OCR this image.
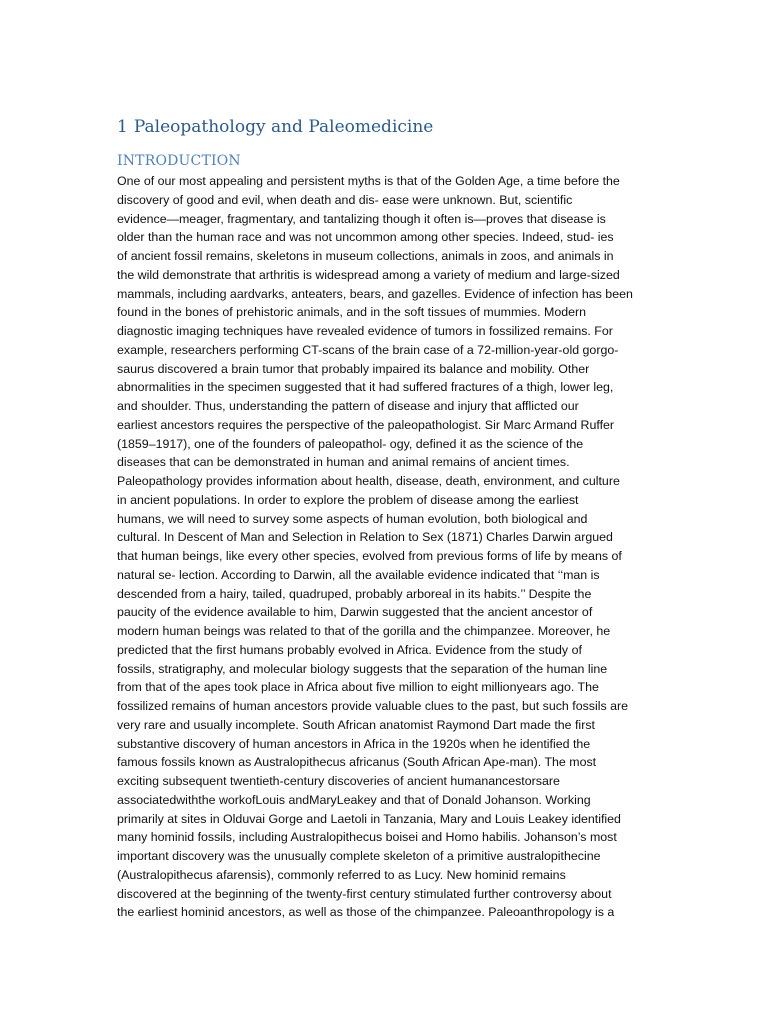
1 Paleopathology and Paleomedicine
INTRODUCTION
One of our most appealing and persistent myths is that of the Golden Age, a time before the
discovery of good and evil, when death and dis- ease were unknown. But, scientific
evidence—meager, fragmentary, and tantalizing though it often is—proves that disease is
older than the human race and was not uncommon among other species. Indeed, stud- ies
of ancient fossil remains, skeletons in museum collections, animals in zoos, and animals in
the wild demonstrate that arthritis is widespread among a variety of medium and large-sized
mammals, including aardvarks, anteaters, bears, and gazelles. Evidence of infection has been
found in the bones of prehistoric animals, and in the soft tissues of mummies. Modern
diagnostic imaging techniques have revealed evidence of tumors in fossilized remains. For
example, researchers performing CT-scans of the brain case of a 72-million-year-old gorgo-
saurus discovered a brain tumor that probably impaired its balance and mobility. Other
abnormalities in the specimen suggested that it had suffered fractures of a thigh, lower leg,
and shoulder. Thus, understanding the pattern of disease and injury that afflicted our
earliest ancestors requires the perspective of the paleopathologist. Sir Marc Armand Ruffer
(1859–1917), one of the founders of paleopathol- ogy, defined it as the science of the
diseases that can be demonstrated in human and animal remains of ancient times.
Paleopathology provides information about health, disease, death, environment, and culture
in ancient populations. In order to explore the problem of disease among the earliest
humans, we will need to survey some aspects of human evolution, both biological and
cultural. In Descent of Man and Selection in Relation to Sex (1871) Charles Darwin argued
that human beings, like every other species, evolved from previous forms of life by means of
natural se- lection. According to Darwin, all the available evidence indicated that ‘‘man is
descended from a hairy, tailed, quadruped, probably arboreal in its habits.’’ Despite the
paucity of the evidence available to him, Darwin suggested that the ancient ancestor of
modern human beings was related to that of the gorilla and the chimpanzee. Moreover, he
predicted that the first humans probably evolved in Africa. Evidence from the study of
fossils, stratigraphy, and molecular biology suggests that the separation of the human line
from that of the apes took place in Africa about five million to eight millionyears ago. The
fossilized remains of human ancestors provide valuable clues to the past, but such fossils are
very rare and usually incomplete. South African anatomist Raymond Dart made the first
substantive discovery of human ancestors in Africa in the 1920s when he identified the
famous fossils known as Australopithecus africanus (South African Ape-man). The most
exciting subsequent twentieth-century discoveries of ancient humanancestorsare
associatedwiththe workofLouis andMaryLeakey and that of Donald Johanson. Working
primarily at sites in Olduvai Gorge and Laetoli in Tanzania, Mary and Louis Leakey identified
many hominid fossils, including Australopithecus boisei and Homo habilis. Johanson’s most
important discovery was the unusually complete skeleton of a primitive australopithecine
(Australopithecus afarensis), commonly referred to as Lucy. New hominid remains
discovered at the beginning of the twenty-first century stimulated further controversy about
the earliest hominid ancestors, as well as those of the chimpanzee. Paleoanthropology is a
